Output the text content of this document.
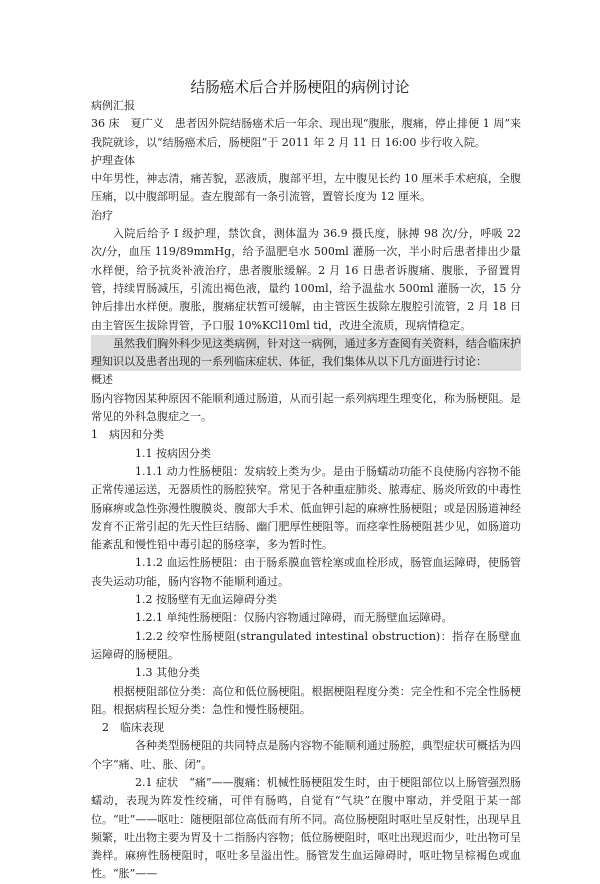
结肠癌术后合并肠梗阻的病例讨论

病例汇报

36 床　夏广义　患者因外院结肠癌术后一年余、现出现“腹胀，腹痛，停止排便 1 周”来我院就诊，以“结肠癌术后，肠梗阻”于 2011 年 2 月 11 日 16:00 步行收入院。

护理查体

中年男性，神志清，痛苦貌，恶液质，腹部平坦，左中腹见长约 10 厘米手术疤痕，全腹压痛，以中腹部明显。查左腹部有一条引流管，置管长度为 12 厘米。

治疗

入院后给予 I 级护理，禁饮食，测体温为 36.9 摄氏度，脉搏 98 次/分，呼吸 22 次/分，血压 119/89mmHg，给予温肥皂水 500ml 灌肠一次，半小时后患者排出少量水样便，给予抗炎补液治疗，患者腹胀缓解。2 月 16 日患者诉腹痛、腹胀，予留置胃管，持续胃肠减压，引流出褐色液，量约 100ml，给予温盐水 500ml 灌肠一次，15 分钟后排出水样便。腹胀，腹痛症状暂可缓解，由主管医生拔除左腹腔引流管，2 月 18 日由主管医生拔除胃管，予口服 10%KCl10ml tid，改进全流质，现病情稳定。

虽然我们胸外科少见这类病例，针对这一病例，通过多方查阅有关资料，结合临床护理知识以及患者出现的一系列临床症状、体征，我们集体从以下几方面进行讨论：

概述

肠内容物因某种原因不能顺利通过肠道，从而引起一系列病理生理变化，称为肠梗阻。是常见的外科急腹症之一。

1　病因和分类

1.1 按病因分类

1.1.1 动力性肠梗阻：发病较上类为少。是由于肠蠕动功能不良使肠内容物不能正常传递运送，无器质性的肠腔狭窄。常见于各种重症肺炎、脓毒症、肠炎所致的中毒性肠麻痹或急性弥漫性腹膜炎、腹部大手术、低血钾引起的麻痹性肠梗阻；或是因肠道神经发育不正常引起的先天性巨结肠、幽门肥厚性梗阻等。而痉挛性肠梗阻甚少见，如肠道功能紊乱和慢性铅中毒引起的肠痉挛，多为暂时性。

1.1.2 血运性肠梗阻：由于肠系膜血管栓塞或血栓形成，肠管血运障碍，使肠管丧失运动功能，肠内容物不能顺利通过。

1.2 按肠壁有无血运障碍分类

1.2.1 单纯性肠梗阻：仅肠内容物通过障碍，而无肠壁血运障碍。

1.2.2 绞窄性肠梗阻(strangulated intestinal obstruction)：指存在肠壁血运障碍的肠梗阻。

1.3 其他分类

根据梗阻部位分类：高位和低位肠梗阻。根据梗阻程度分类：完全性和不完全性肠梗阻。根据病程长短分类：急性和慢性肠梗阻。

2　临床表现

各种类型肠梗阻的共同特点是肠内容物不能顺利通过肠腔，典型症状可概括为四个字“痛、吐、胀、闭”。

2.1 症状　“痛”——腹痛：机械性肠梗阻发生时，由于梗阻部位以上肠管强烈肠蠕动，表现为阵发性绞痛，可伴有肠鸣，自觉有“气块”在腹中窜动，并受阻于某一部位。“吐”——呕吐：随梗阻部位高低而有所不同。高位肠梗阻时呕吐呈反射性，出现早且频繁，吐出物主要为胃及十二指肠内容物；低位肠梗阻时，呕吐出现迟而少，吐出物可呈粪样。麻痹性肠梗阻时，呕吐多呈溢出性。肠管发生血运障碍时，呕吐物呈棕褐色或血性。“胀”——
